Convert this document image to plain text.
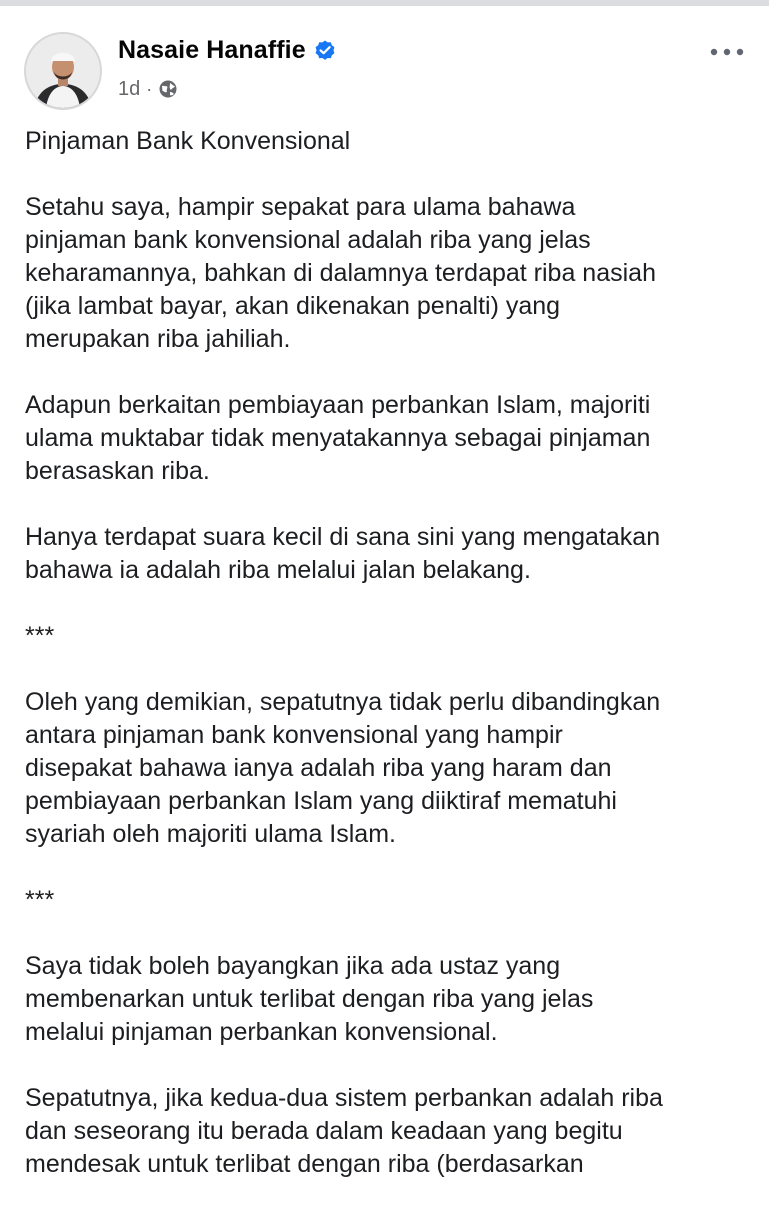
Nasaie Hanaffie
1d ·
Pinjaman Bank Konvensional
Setahu saya, hampir sepakat para ulama bahawa
pinjaman bank konvensional adalah riba yang jelas
keharamannya, bahkan di dalamnya terdapat riba nasiah
(jika lambat bayar, akan dikenakan penalti) yang
merupakan riba jahiliah.
Adapun berkaitan pembiayaan perbankan Islam, majoriti
ulama muktabar tidak menyatakannya sebagai pinjaman
berasaskan riba.
Hanya terdapat suara kecil di sana sini yang mengatakan
bahawa ia adalah riba melalui jalan belakang.
***
Oleh yang demikian, sepatutnya tidak perlu dibandingkan
antara pinjaman bank konvensional yang hampir
disepakat bahawa ianya adalah riba yang haram dan
pembiayaan perbankan Islam yang diiktiraf mematuhi
syariah oleh majoriti ulama Islam.
***
Saya tidak boleh bayangkan jika ada ustaz yang
membenarkan untuk terlibat dengan riba yang jelas
melalui pinjaman perbankan konvensional.
Sepatutnya, jika kedua-dua sistem perbankan adalah riba
dan seseorang itu berada dalam keadaan yang begitu
mendesak untuk terlibat dengan riba (berdasarkan
